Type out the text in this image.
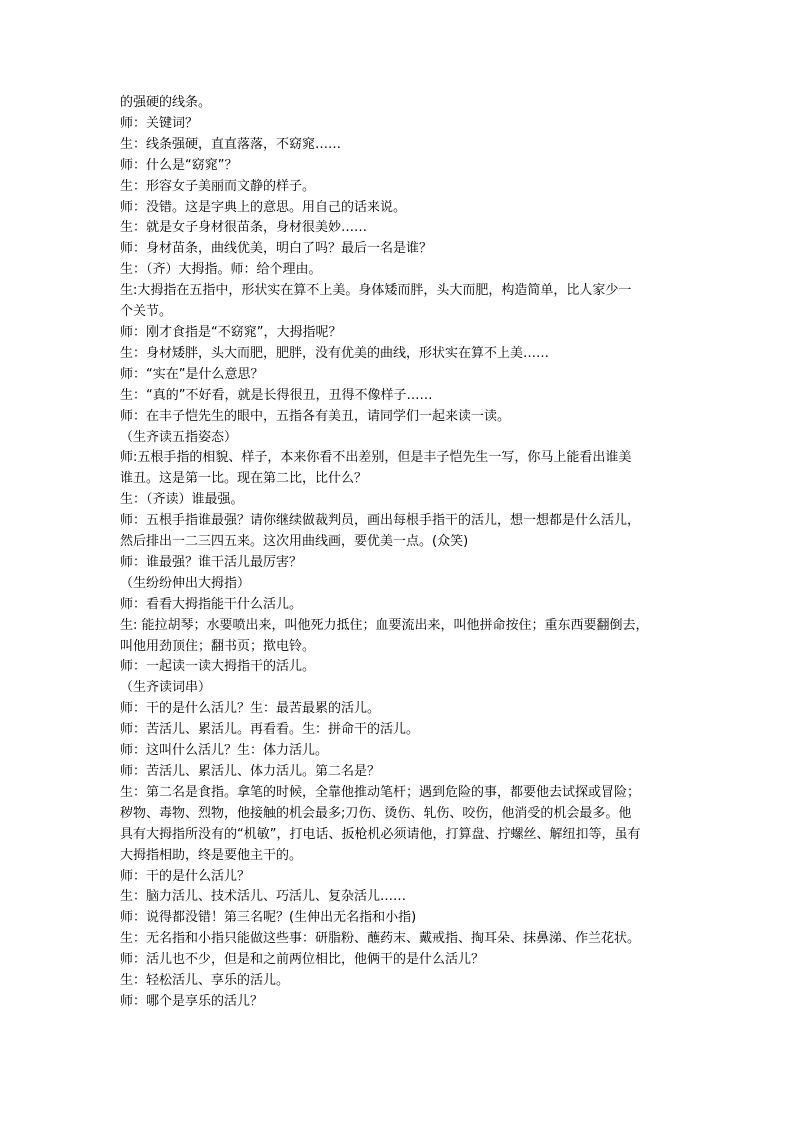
的强硬的线条。
师：关键词？
生：线条强硬，直直落落，不窈窕……
师：什么是“窈窕”？
生：形容女子美丽而文静的样子。
师：没错。这是字典上的意思。用自己的话来说。
生：就是女子身材很苗条，身材很美妙……
师：身材苗条，曲线优美，明白了吗？最后一名是谁？
生：（齐）大拇指。师：给个理由。
生:大拇指在五指中，形状实在算不上美。身体矮而胖，头大而肥，构造简单，比人家少一
个关节。
师：刚才食指是“不窈窕”，大拇指呢？
生：身材矮胖，头大而肥，肥胖，没有优美的曲线，形状实在算不上美……
师：“实在”是什么意思？
生：“真的”不好看，就是长得很丑，丑得不像样子……
师：在丰子恺先生的眼中，五指各有美丑，请同学们一起来读一读。
（生齐读五指姿态）
师:五根手指的相貌、样子，本来你看不出差别，但是丰子恺先生一写，你马上能看出谁美
谁丑。这是第一比。现在第二比，比什么？
生：（齐读）谁最强。
师：五根手指谁最强？请你继续做裁判员，画出每根手指干的活儿，想一想都是什么活儿，
然后排出一二三四五来。这次用曲线画，要优美一点。(众笑)
师：谁最强？谁干活儿最厉害？
（生纷纷伸出大拇指）
师：看看大拇指能干什么活儿。
生: 能拉胡琴；水要喷出来，叫他死力抵住；血要流出来，叫他拼命按住；重东西要翻倒去，
叫他用劲顶住；翻书页；揿电铃。
师：一起读一读大拇指干的活儿。
（生齐读词串）
师：干的是什么活儿？生：最苦最累的活儿。
师：苦活儿、累活儿。再看看。生：拼命干的活儿。
师：这叫什么活儿？生：体力活儿。
师：苦活儿、累活儿、体力活儿。第二名是？
生：第二名是食指。拿笔的时候，全靠他推动笔杆；遇到危险的事，都要他去试探或冒险；
秽物、毒物、烈物，他接触的机会最多;刀伤、烫伤、轧伤、咬伤，他消受的机会最多。他
具有大拇指所没有的“机敏”，打电话、扳枪机必须请他，打算盘、拧螺丝、解纽扣等，虽有
大拇指相助，终是要他主干的。
师：干的是什么活儿？
生：脑力活儿、技术活儿、巧活儿、复杂活儿……
师：说得都没错！第三名呢？(生伸出无名指和小指)
生：无名指和小指只能做这些事：研脂粉、蘸药末、戴戒指、掏耳朵、抹鼻涕、作兰花状。
师：活儿也不少，但是和之前两位相比，他俩干的是什么活儿？
生：轻松活儿、享乐的活儿。
师：哪个是享乐的活儿？
